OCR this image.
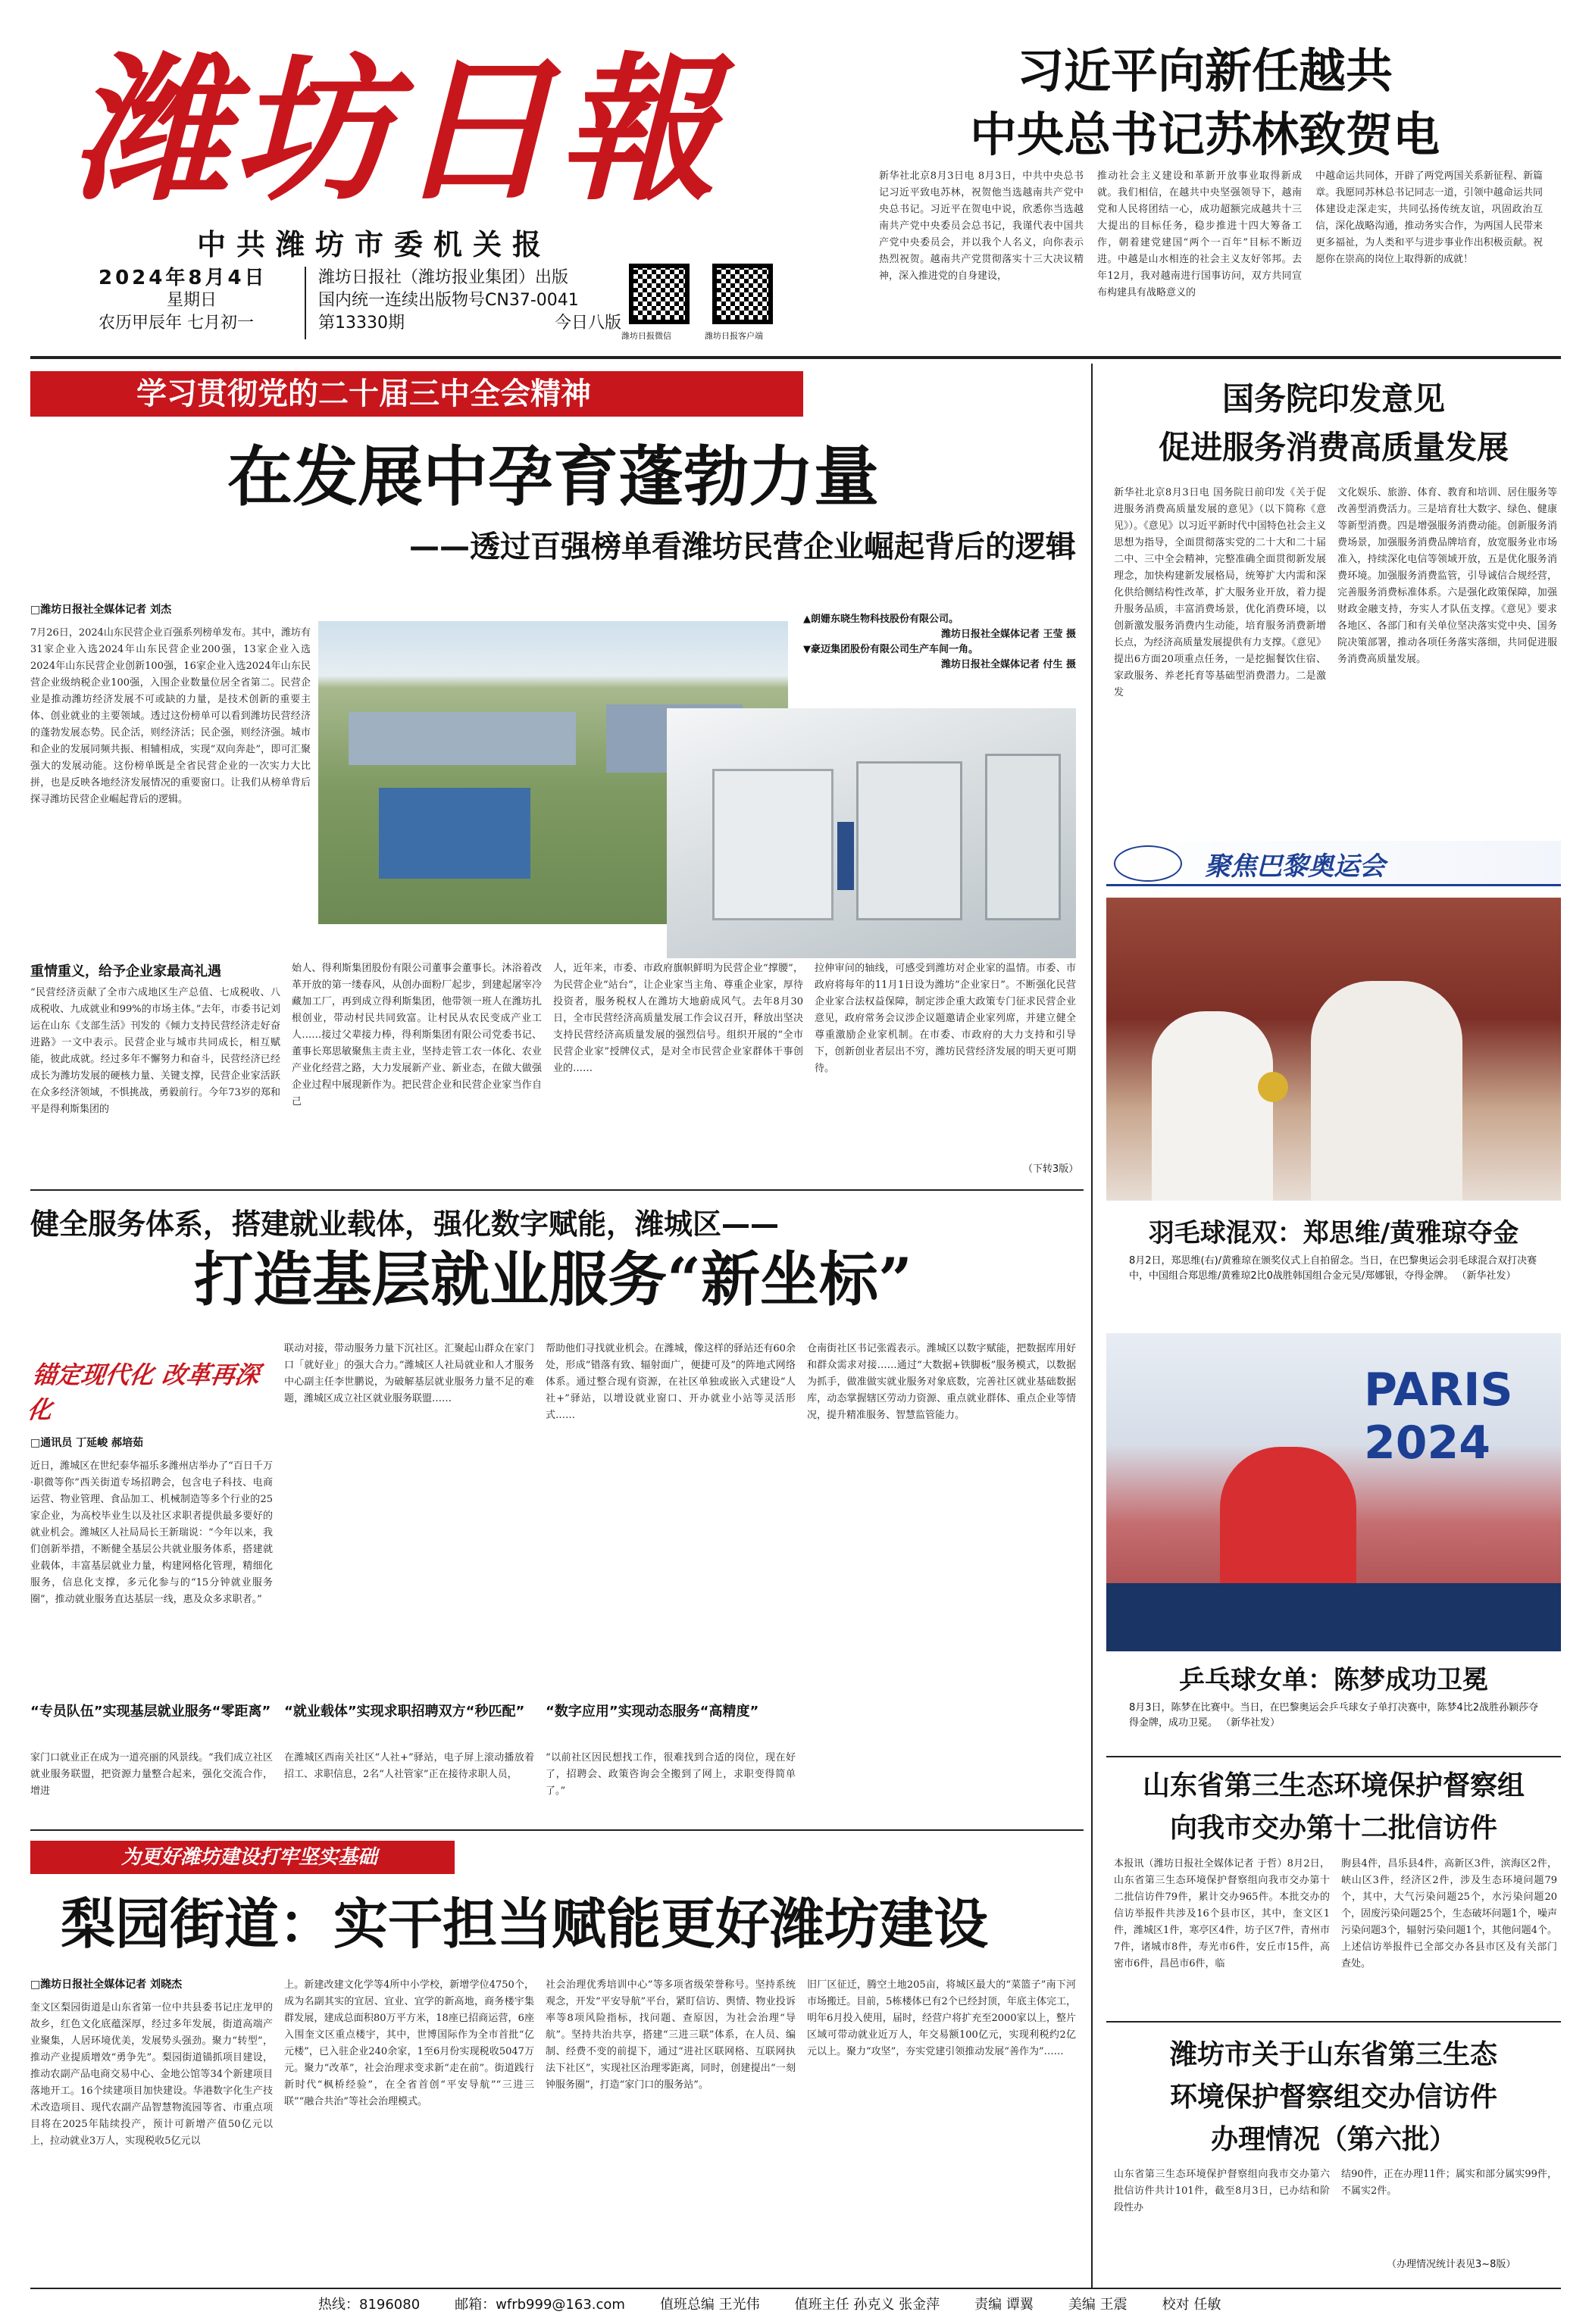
潍坊日報
中共潍坊市委机关报
2024年8月4日
星期日
农历甲辰年 七月初一
潍坊日报社（潍坊报业集团）出版
国内统一连续出版物号CN37-0041
第13330期	今日八版
潍坊日报微信	潍坊日报客户端
习近平向新任越共
中央总书记苏林致贺电
新华社北京8月3日电 8月3日，中共中央总书记习近平致电苏林，祝贺他当选越南共产党中央总书记。习近平在贺电中说，欣悉你当选越南共产党中央委员会总书记，我谨代表中国共产党中央委员会，并以我个人名义，向你表示热烈祝贺。越南共产党贯彻落实十三大决议精神，深入推进党的自身建设，
推动社会主义建设和革新开放事业取得新成就。我们相信，在越共中央坚强领导下，越南党和人民将团结一心，成功超额完成越共十三大提出的目标任务，稳步推进十四大筹备工作，朝着建党建国“两个一百年”目标不断迈进。中越是山水相连的社会主义友好邻邦。去年12月，我对越南进行国事访问，双方共同宣布构建具有战略意义的
中越命运共同体，开辟了两党两国关系新征程、新篇章。我愿同苏林总书记同志一道，引领中越命运共同体建设走深走实，共同弘扬传统友谊，巩固政治互信，深化战略沟通，推动务实合作，为两国人民带来更多福祉，为人类和平与进步事业作出积极贡献。祝愿你在崇高的岗位上取得新的成就！
学习贯彻党的二十届三中全会精神
在发展中孕育蓬勃力量
——透过百强榜单看潍坊民营企业崛起背后的逻辑
□潍坊日报社全媒体记者 刘杰
7月26日，2024山东民营企业百强系列榜单发布。其中，潍坊有31家企业入选2024年山东民营企业200强，13家企业入选2024年山东民营企业创新100强，16家企业入选2024年山东民营企业级纳税企业100强，入围企业数量位居全省第二。民营企业是推动潍坊经济发展不可或缺的力量，是技术创新的重要主体、创业就业的主要领域。透过这份榜单可以看到潍坊民营经济的蓬勃发展态势。民企活，则经济活；民企强，则经济强。城市和企业的发展同频共振、相辅相成，实现“双向奔赴”，即可汇聚强大的发展动能。这份榜单既是全省民营企业的一次实力大比拼，也是反映各地经济发展情况的重要窗口。让我们从榜单背后探寻潍坊民营企业崛起背后的逻辑。
▲朗姗东晓生物科技股份有限公司。
潍坊日报社全媒体记者 王莹 摄
▼豪迈集团股份有限公司生产车间一角。
潍坊日报社全媒体记者 付生 摄
重情重义，给予企业家最高礼遇
“民营经济贡献了全市六成地区生产总值、七成税收、八成税收、九成就业和99%的市场主体。”去年，市委书记刘运在山东《支部生活》刊发的《倾力支持民营经济走好奋进路》一文中表示。民营企业与城市共同成长，相互赋能，彼此成就。经过多年不懈努力和奋斗，民营经济已经成长为潍坊发展的硬核力量、关键支撑，民营企业家活跃在众多经济领域，不惧挑战，勇毅前行。今年73岁的郑和平是得利斯集团的
始人、得利斯集团股份有限公司董事会董事长。沐浴着改革开放的第一缕春风，从创办面粉厂起步，到建起屠宰冷藏加工厂，再到成立得利斯集团，他带领一班人在潍坊扎根创业，带动村民共同致富。让村民从农民变成产业工人……接过父辈接力棒，得利斯集团有限公司党委书记、董事长郑思敏聚焦主责主业，坚持走管工农一体化、农业产业化经营之路，大力发展新产业、新业态，在做大做强企业过程中展现新作为。把民营企业和民营企业家当作自己
人，近年来，市委、市政府旗帜鲜明为民营企业“撑腰”，为民营企业“站台”，让企业家当主角、尊重企业家，厚待投资者，服务税权人在潍坊大地蔚成风气。去年8月30日，全市民营经济高质量发展工作会议召开，释放出坚决支持民营经济高质量发展的强烈信号。组织开展的“全市民营企业家”授牌仪式，是对全市民营企业家群体干事创业的……
拉伸审问的轴线，可感受到潍坊对企业家的温情。市委、市政府将每年的11月1日设为潍坊“企业家日”。不断强化民营企业家合法权益保障，制定涉企重大政策专门征求民营企业意见，政府常务会议涉企议题邀请企业家列席，并建立健全尊重激励企业家机制。在市委、市政府的大力支持和引导下，创新创业者层出不穷，潍坊民营经济发展的明天更可期待。
（下转3版）
健全服务体系，搭建就业载体，强化数字赋能，潍城区——
打造基层就业服务“新坐标”
锚定现代化 改革再深化
□通讯员 丁延峻 郝培茹
近日，潍城区在世纪泰华福乐多潍州店举办了“百日千万·职微等你”西关街道专场招聘会，包含电子科技、电商运营、物业管理、食品加工、机械制造等多个行业的25家企业，为高校毕业生以及社区求职者提供最多要好的就业机会。潍城区人社局局长王新瑞说：“今年以来，我们创新举措，不断健全基层公共就业服务体系，搭建就业载体，丰富基层就业力量，构建网格化管理，精细化服务，信息化支撑，多元化参与的“15分钟就业服务圈”，推动就业服务直达基层一线，惠及众多求职者。”
“专员队伍”实现基层就业服务“零距离”
家门口就业正在成为一道亮丽的风景线。“我们成立社区就业服务联盟，把资源力量整合起来，强化交流合作，增进
联动对接，带动服务力量下沉社区。汇聚起山群众在家门口「就好业」的强大合力。”潍城区人社局就业和人才服务中心副主任李世鹏说，为破解基层就业服务力量不足的难题，潍城区成立社区就业服务联盟……
“就业载体”实现求职招聘双方“秒匹配”
在潍城区西南关社区“人社+”驿站，电子屏上滚动播放着招工、求职信息，2名“人社管家”正在接待求职人员，
帮助他们寻找就业机会。在潍城，像这样的驿站还有60余处，形成“错落有致、辐射面广，便捷可及”的阵地式网络体系。通过整合现有资源，在社区单独或嵌入式建设“人社+”驿站，以增设就业窗口、开办就业小站等灵活形式……
“数字应用”实现动态服务“高精度”
“以前社区因民想找工作，很难找到合适的岗位，现在好了，招聘会、政策咨询会全搬到了网上，求职变得简单了。”
仓南街社区书记张霞表示。潍城区以数字赋能，把数据库用好和群众需求对接……通过“大数据+铁脚板”服务模式，以数据为抓手，做准做实就业服务对象底数，完善社区就业基础数据库，动态掌握辖区劳动力资源、重点就业群体、重点企业等情况，提升精准服务、智慧监管能力。
为更好潍坊建设打牢坚实基础
梨园街道：实干担当赋能更好潍坊建设
□潍坊日报社全媒体记者 刘晓杰
奎文区梨园街道是山东省第一位中共县委书记庄龙甲的故乡，红色文化底蕴深厚，经过多年发展，街道高端产业聚集，人居环境优美，发展势头强劲。聚力“转型”，推动产业提质增效“勇争先”。梨园街道锚抓项目建设，推动农副产品电商交易中心、金地公馆等34个新建项目落地开工。16个续建项目加快建设。华港数字化生产技术改造项目、现代农副产品智慧物流园等省、市重点项目将在2025年陆续投产，预计可新增产值50亿元以上，拉动就业3万人，实现税收5亿元以
上。新建改建文化学等4所中小学校，新增学位4750个，成为名副其实的宜居、宜业、宜学的新高地，商务楼宇集群发展，建成总面积80万平方米，18座已招商运营，6座入围奎文区重点楼宇，其中，世博国际作为全市首批“亿元楼”，已入驻企业240余家，1至6月份实现税收5047万元。聚力“改革”，社会治理求变求新“走在前”。街道践行新时代“枫桥经验”，在全省首创“平安导航”“三进三联”“融合共治”等社会治理模式。
社会治理优秀培训中心”等多项省级荣誉称号。坚持系统观念，开发“平安导航”平台，紧盯信访、舆情、物业投诉率等8项风险指标，找问题、查原因，为社会治理“导航”。坚持共治共享，搭建“三进三联”体系，在人员、编制、经费不变的前提下，通过“进社区联网格、互联网执法下社区”，实现社区治理零距离，同时，创建提出“一刻钟服务圈”，打造“家门口的服务站”。
旧厂区征迁，腾空土地205亩，将城区最大的“菜篮子”南下河市场搬迁。目前，5栋楼体已有2个已经封顶，年底主体完工，明年6月投入使用，届时，经营户将扩充至2000家以上，整片区域可带动就业近万人，年交易额100亿元，实现利税约2亿元以上。聚力“攻坚”，夯实党建引领推动发展“善作为”……
国务院印发意见
促进服务消费高质量发展
新华社北京8月3日电 国务院日前印发《关于促进服务消费高质量发展的意见》（以下简称《意见》）。《意见》以习近平新时代中国特色社会主义思想为指导，全面贯彻落实党的二十大和二十届二中、三中全会精神，完整准确全面贯彻新发展理念，加快构建新发展格局，统筹扩大内需和深化供给侧结构性改革，扩大服务业开放，着力提升服务品质，丰富消费场景，优化消费环境，以创新激发服务消费内生动能，培育服务消费新增长点，为经济高质量发展提供有力支撑。《意见》提出6方面20项重点任务，一是挖掘餐饮住宿、家政服务、养老托育等基础型消费潜力。二是激发
文化娱乐、旅游、体育、教育和培训、居住服务等改善型消费活力。三是培育壮大数字、绿色、健康等新型消费。四是增强服务消费动能。创新服务消费场景，加强服务消费品牌培育，放宽服务业市场准入，持续深化电信等领域开放，五是优化服务消费环境。加强服务消费监管，引导诚信合规经营，完善服务消费标准体系。六是强化政策保障，加强财政金融支持，夯实人才队伍支撑。《意见》要求各地区、各部门和有关单位坚决落实党中央、国务院决策部署，推动各项任务落实落细，共同促进服务消费高质量发展。
聚焦巴黎奥运会
羽毛球混双：郑思维/黄雅琼夺金
8月2日，郑思维(右)/黄雅琼在颁奖仪式上自拍留念。当日，在巴黎奥运会羽毛球混合双打决赛中，中国组合郑思维/黄雅琼2比0战胜韩国组合金元昊/郑娜银，夺得金牌。 （新华社发）
PARIS 2024
乒乓球女单：陈梦成功卫冕
8月3日，陈梦在比赛中。当日，在巴黎奥运会乒乓球女子单打决赛中，陈梦4比2战胜孙颖莎夺得金牌，成功卫冕。 （新华社发）
山东省第三生态环境保护督察组
向我市交办第十二批信访件
本报讯（潍坊日报社全媒体记者 于哲）8月2日，山东省第三生态环境保护督察组向我市交办第十二批信访件79件，累计交办965件。本批交办的信访举报件共涉及16个县市区，其中，奎文区1件，潍城区1件，寒亭区4件，坊子区7件，青州市7件，诸城市8件，寿光市6件，安丘市15件，高密市6件，昌邑市6件，临
朐县4件，昌乐县4件，高新区3件，滨海区2件，峡山区3件，经济区2件，涉及生态环境问题79个，其中，大气污染问题25个，水污染问题20个，固废污染问题25个，生态破坏问题1个，噪声污染问题3个，辐射污染问题1个，其他问题4个。上述信访举报件已全部交办各县市区及有关部门查处。
潍坊市关于山东省第三生态
环境保护督察组交办信访件
办理情况（第六批）
山东省第三生态环境保护督察组向我市交办第六批信访件共计101件，截至8月3日，已办结和阶段性办
结90件，正在办理11件；属实和部分属实99件，不属实2件。
（办理情况统计表见3~8版）
热线：8196080	邮箱：wfrb999@163.com	值班总编 王光伟	值班主任 孙克义 张金萍	责编 谭翼	美编 王震	校对 任敏
